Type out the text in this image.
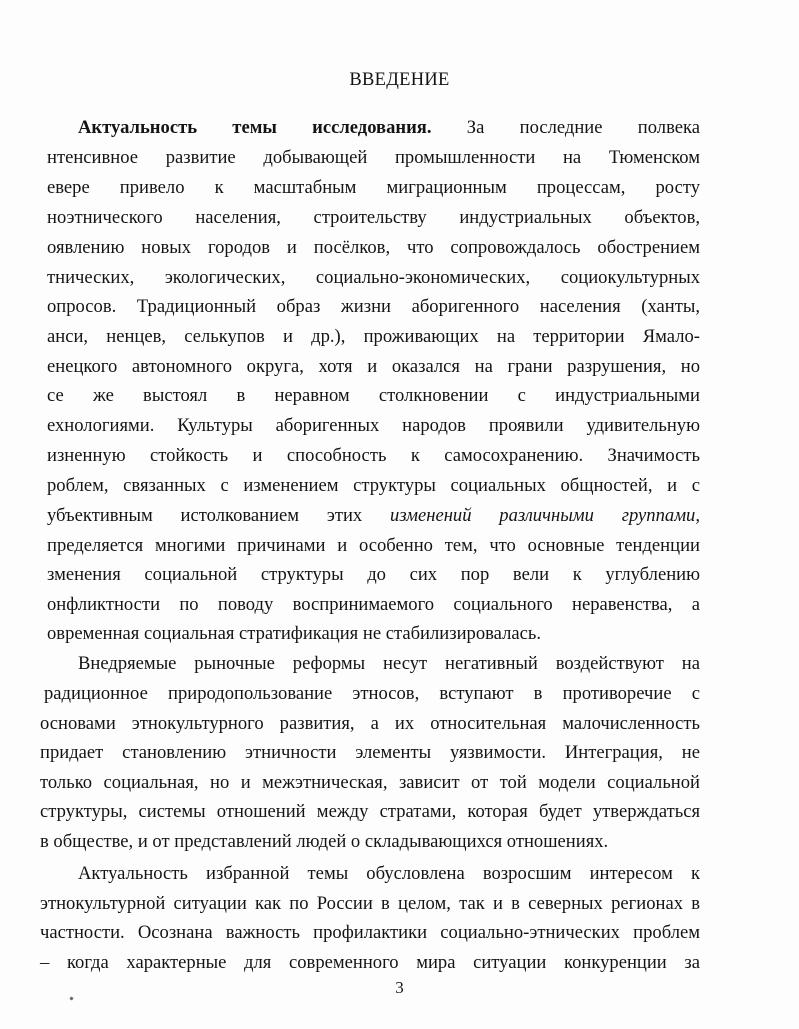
ВВЕДЕНИЕ
Актуальность темы исследования. За последние полвека
нтенсивное развитие добывающей промышленности на Тюменском
евере привело к масштабным миграционным процессам, росту
ноэтнического населения, строительству индустриальных объектов,
оявлению новых городов и посёлков, что сопровождалось обострением
тнических, экологических, социально-экономических, социокультурных
опросов. Традиционный образ жизни аборигенного населения (ханты,
анси, ненцев, селькупов и др.), проживающих на территории Ямало-
енецкого автономного округа, хотя и оказался на грани разрушения, но
се же выстоял в неравном столкновении с индустриальными
ехнологиями. Культуры аборигенных народов проявили удивительную
изненную стойкость и способность к самосохранению. Значимость
роблем, связанных с изменением структуры социальных общностей, и с
убъективным истолкованием этих изменений различными группами,
пределяется многими причинами и особенно тем, что основные тенденции
зменения социальной структуры до сих пор вели к углублению
онфликтности по поводу воспринимаемого социального неравенства, а
овременная социальная стратификация не стабилизировалась.
Внедряемые рыночные реформы несут негативный воздействуют на
радиционное природопользование этносов, вступают в противоречие с
основами этнокультурного развития, а их относительная малочисленность
придает становлению этничности элементы уязвимости. Интеграция, не
только социальная, но и межэтническая, зависит от той модели социальной
структуры, системы отношений между стратами, которая будет утверждаться
в обществе, и от представлений людей о складывающихся отношениях.
Актуальность избранной темы обусловлена возросшим интересом к
этнокультурной ситуации как по России в целом, так и в северных регионах в
частности. Осознана важность профилактики социально-этнических проблем
– когда характерные для современного мира ситуации конкуренции за
3
